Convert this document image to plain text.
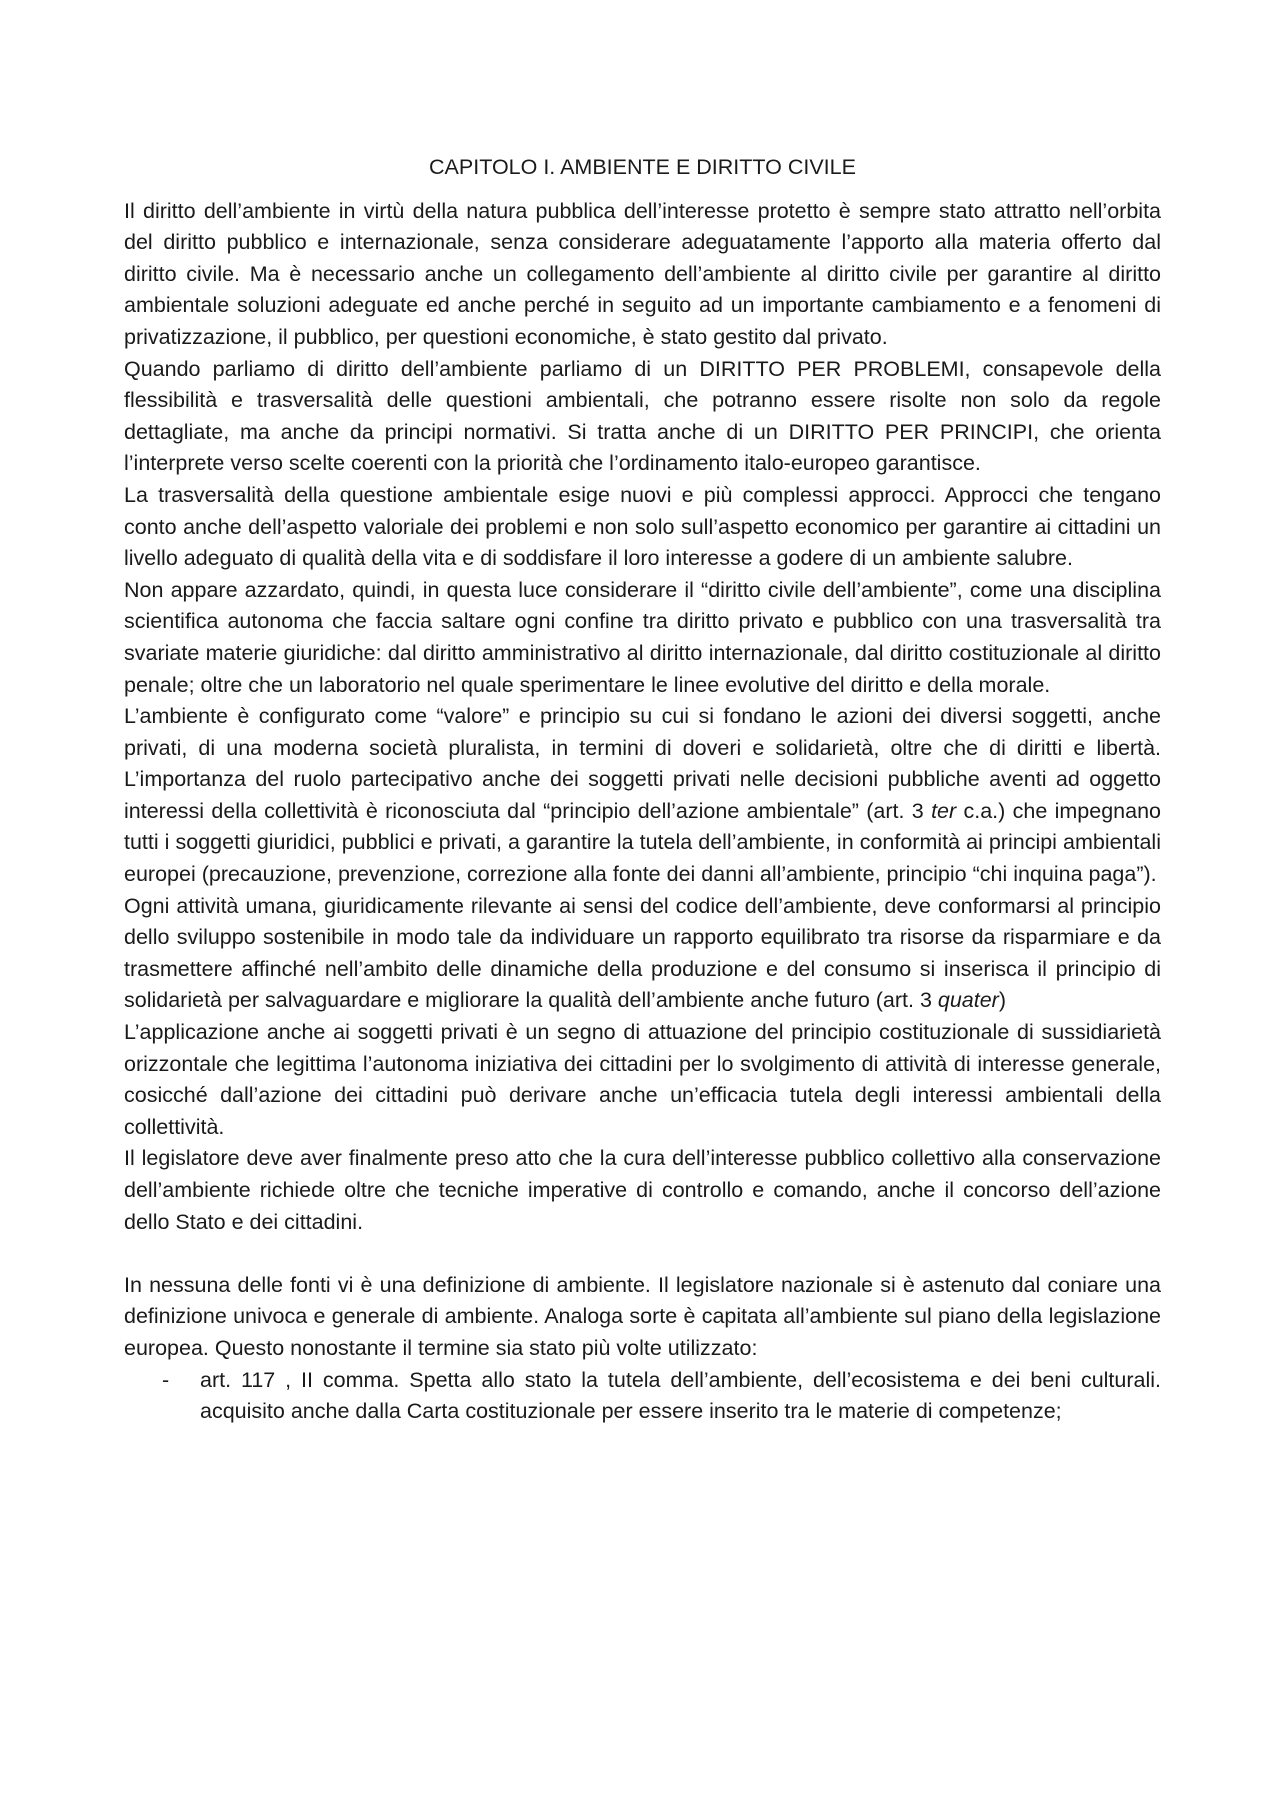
CAPITOLO I. AMBIENTE E DIRITTO CIVILE

Il diritto dell’ambiente in virtù della natura pubblica dell’interesse protetto è sempre stato attratto nell’orbita del diritto pubblico e internazionale, senza considerare adeguatamente l’apporto alla materia offerto dal diritto civile. Ma è necessario anche un collegamento dell’ambiente al diritto civile per garantire al diritto ambientale soluzioni adeguate ed anche perché in seguito ad un importante cambiamento e a fenomeni di privatizzazione, il pubblico, per questioni economiche, è stato gestito dal privato.

Quando parliamo di diritto dell’ambiente parliamo di un DIRITTO PER PROBLEMI, consapevole della flessibilità e trasversalità delle questioni ambientali, che potranno essere risolte non solo da regole dettagliate, ma anche da principi normativi. Si tratta anche di un DIRITTO PER PRINCIPI, che orienta l’interprete verso scelte coerenti con la priorità che l’ordinamento italo-europeo garantisce.

La trasversalità della questione ambientale esige nuovi e più complessi approcci. Approcci che tengano conto anche dell’aspetto valoriale dei problemi e non solo sull’aspetto economico per garantire ai cittadini un livello adeguato di qualità della vita e di soddisfare il loro interesse a godere di un ambiente salubre.

Non appare azzardato, quindi, in questa luce considerare il “diritto civile dell’ambiente”, come una disciplina scientifica autonoma che faccia saltare ogni confine tra diritto privato e pubblico con una trasversalità tra svariate materie giuridiche: dal diritto amministrativo al diritto internazionale, dal diritto costituzionale al diritto penale; oltre che un laboratorio nel quale sperimentare le linee evolutive del diritto e della morale.

L’ambiente è configurato come “valore” e principio su cui si fondano le azioni dei diversi soggetti, anche privati, di una moderna società pluralista, in termini di doveri e solidarietà, oltre che di diritti e libertà. L’importanza del ruolo partecipativo anche dei soggetti privati nelle decisioni pubbliche aventi ad oggetto interessi della collettività è riconosciuta dal “principio dell’azione ambientale” (art. 3 ter c.a.) che impegnano tutti i soggetti giuridici, pubblici e privati, a garantire la tutela dell’ambiente, in conformità ai principi ambientali europei (precauzione, prevenzione, correzione alla fonte dei danni all’ambiente, principio “chi inquina paga”).

Ogni attività umana, giuridicamente rilevante ai sensi del codice dell’ambiente, deve conformarsi al principio dello sviluppo sostenibile in modo tale da individuare un rapporto equilibrato tra risorse da risparmiare e da trasmettere affinché nell’ambito delle dinamiche della produzione e del consumo si inserisca il principio di solidarietà per salvaguardare e migliorare la qualità dell’ambiente anche futuro (art. 3 quater)

L’applicazione anche ai soggetti privati è un segno di attuazione del principio costituzionale di sussidiarietà orizzontale che legittima l’autonoma iniziativa dei cittadini per lo svolgimento di attività di interesse generale, cosicché dall’azione dei cittadini può derivare anche un’efficacia tutela degli interessi ambientali della collettività.

Il legislatore deve aver finalmente preso atto che la cura dell’interesse pubblico collettivo alla conservazione dell’ambiente richiede oltre che tecniche imperative di controllo e comando, anche il concorso dell’azione dello Stato e dei cittadini.

In nessuna delle fonti vi è una definizione di ambiente. Il legislatore nazionale si è astenuto dal coniare una definizione univoca e generale di ambiente. Analoga sorte è capitata all’ambiente sul piano della legislazione europea. Questo nonostante il termine sia stato più volte utilizzato:

- art. 117 , II comma. Spetta allo stato la tutela dell’ambiente, dell’ecosistema e dei beni culturali. acquisito anche dalla Carta costituzionale per essere inserito tra le materie di competenze;
